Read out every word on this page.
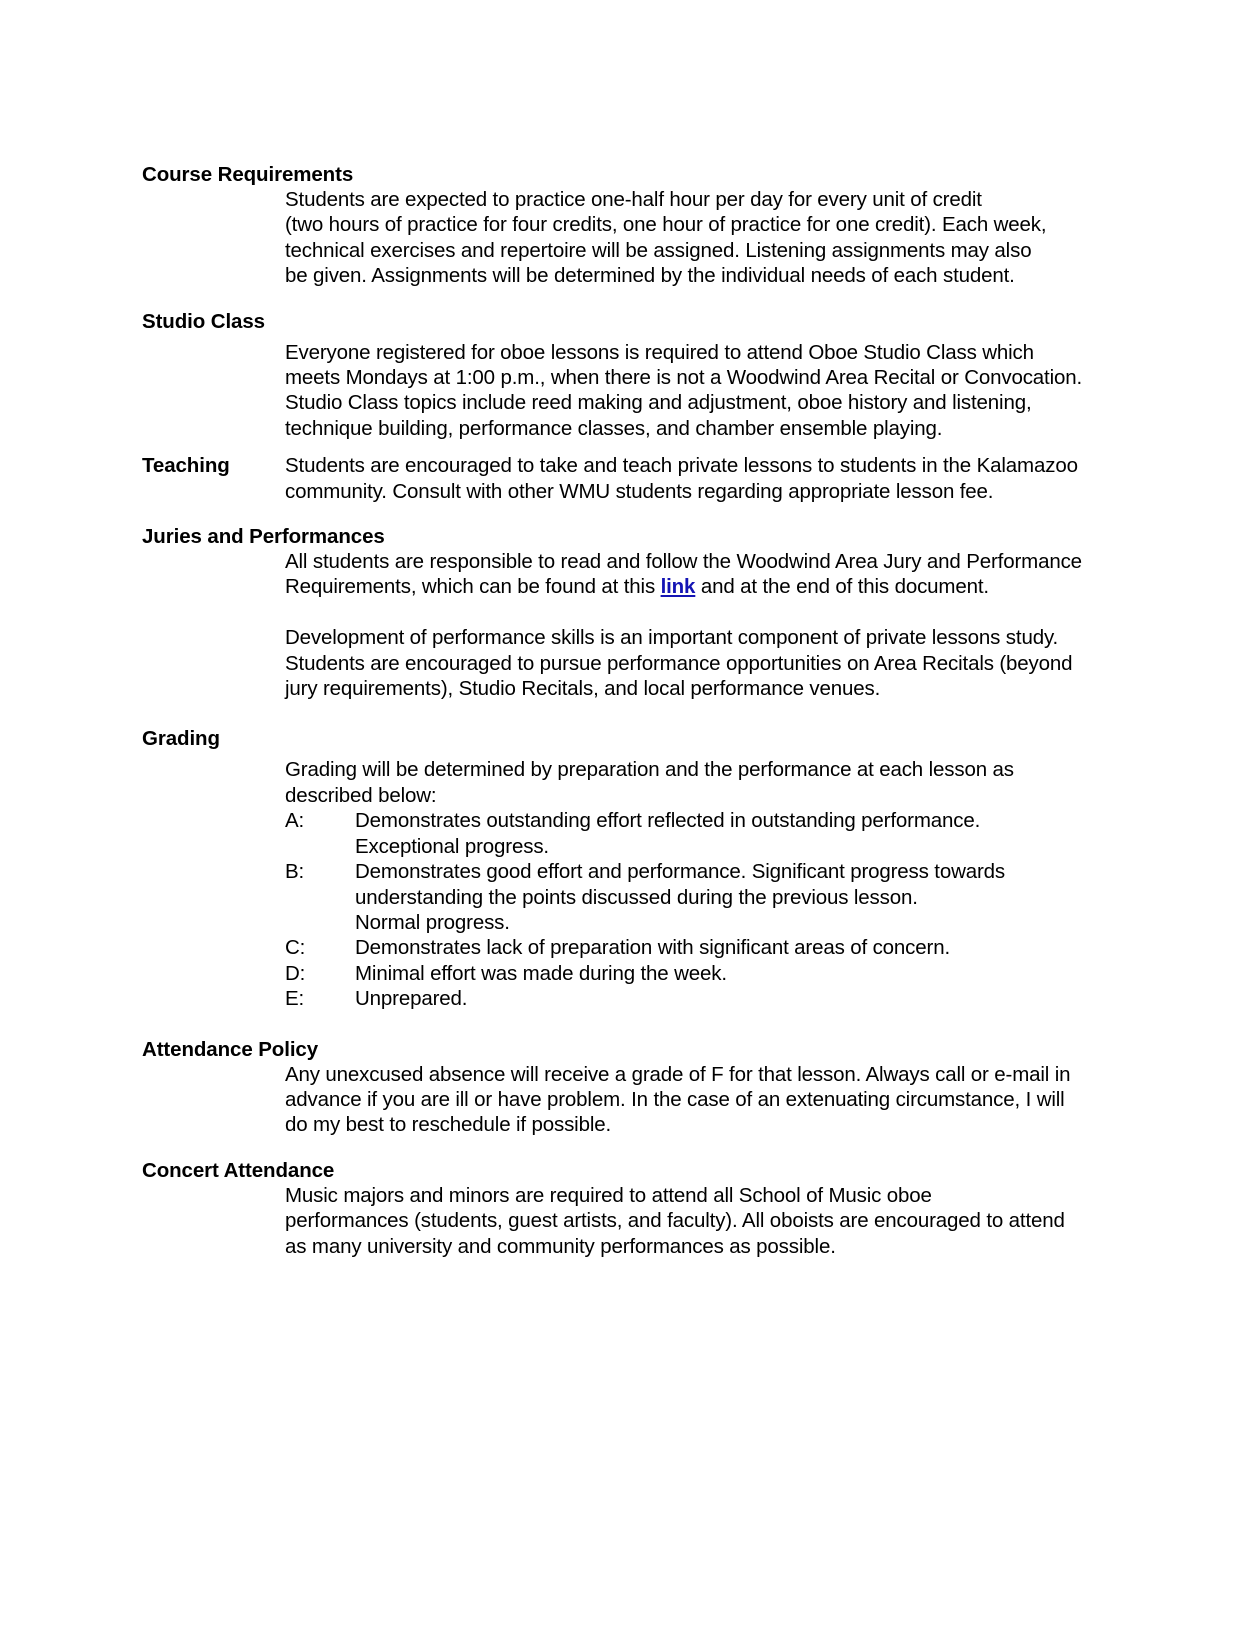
Course Requirements

Students are expected to practice one-half hour per day for every unit of credit
(two hours of practice for four credits, one hour of practice for one credit). Each week,
technical exercises and repertoire will be assigned. Listening assignments may also
be given. Assignments will be determined by the individual needs of each student.

Studio Class

Everyone registered for oboe lessons is required to attend Oboe Studio Class which
meets Mondays at 1:00 p.m., when there is not a Woodwind Area Recital or Convocation.
Studio Class topics include reed making and adjustment, oboe history and listening,
technique building, performance classes, and chamber ensemble playing.

Teaching	Students are encouraged to take and teach private lessons to students in the Kalamazoo
community. Consult with other WMU students regarding appropriate lesson fee.

Juries and Performances

All students are responsible to read and follow the Woodwind Area Jury and Performance
Requirements, which can be found at this link and at the end of this document.

Development of performance skills is an important component of private lessons study.
Students are encouraged to pursue performance opportunities on Area Recitals (beyond
jury requirements), Studio Recitals, and local performance venues.

Grading

Grading will be determined by preparation and the performance at each lesson as
described below:

A:	Demonstrates outstanding effort reflected in outstanding performance.
Exceptional progress.
B:	Demonstrates good effort and performance. Significant progress towards
understanding the points discussed during the previous lesson.
Normal progress.
C:	Demonstrates lack of preparation with significant areas of concern.
D:	Minimal effort was made during the week.
E:	Unprepared.
Attendance Policy

Any unexcused absence will receive a grade of F for that lesson. Always call or e-mail in
advance if you are ill or have problem. In the case of an extenuating circumstance, I will
do my best to reschedule if possible.

Concert Attendance

Music majors and minors are required to attend all School of Music oboe
performances (students, guest artists, and faculty). All oboists are encouraged to attend
as many university and community performances as possible.
